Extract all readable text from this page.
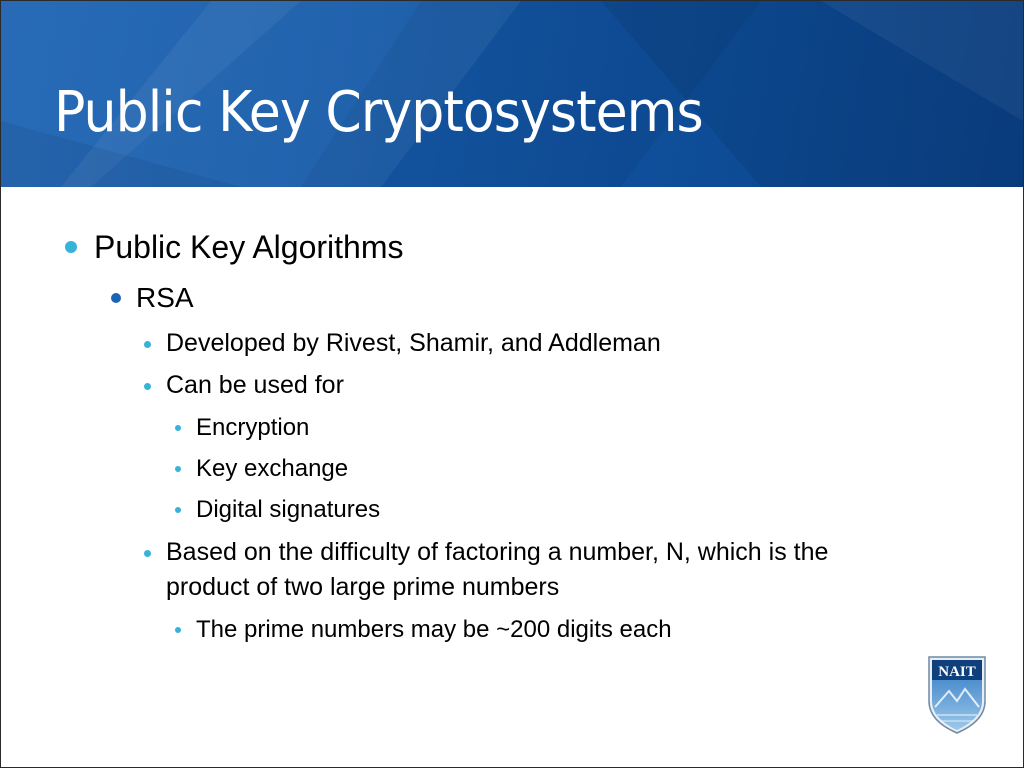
Public Key Cryptosystems
Public Key Algorithms
RSA
Developed by Rivest, Shamir, and Addleman
Can be used for
Encryption
Key exchange
Digital signatures
Based on the difficulty of factoring a number, N, which is the
product of two large prime numbers
The prime numbers may be ~200 digits each
NAIT
